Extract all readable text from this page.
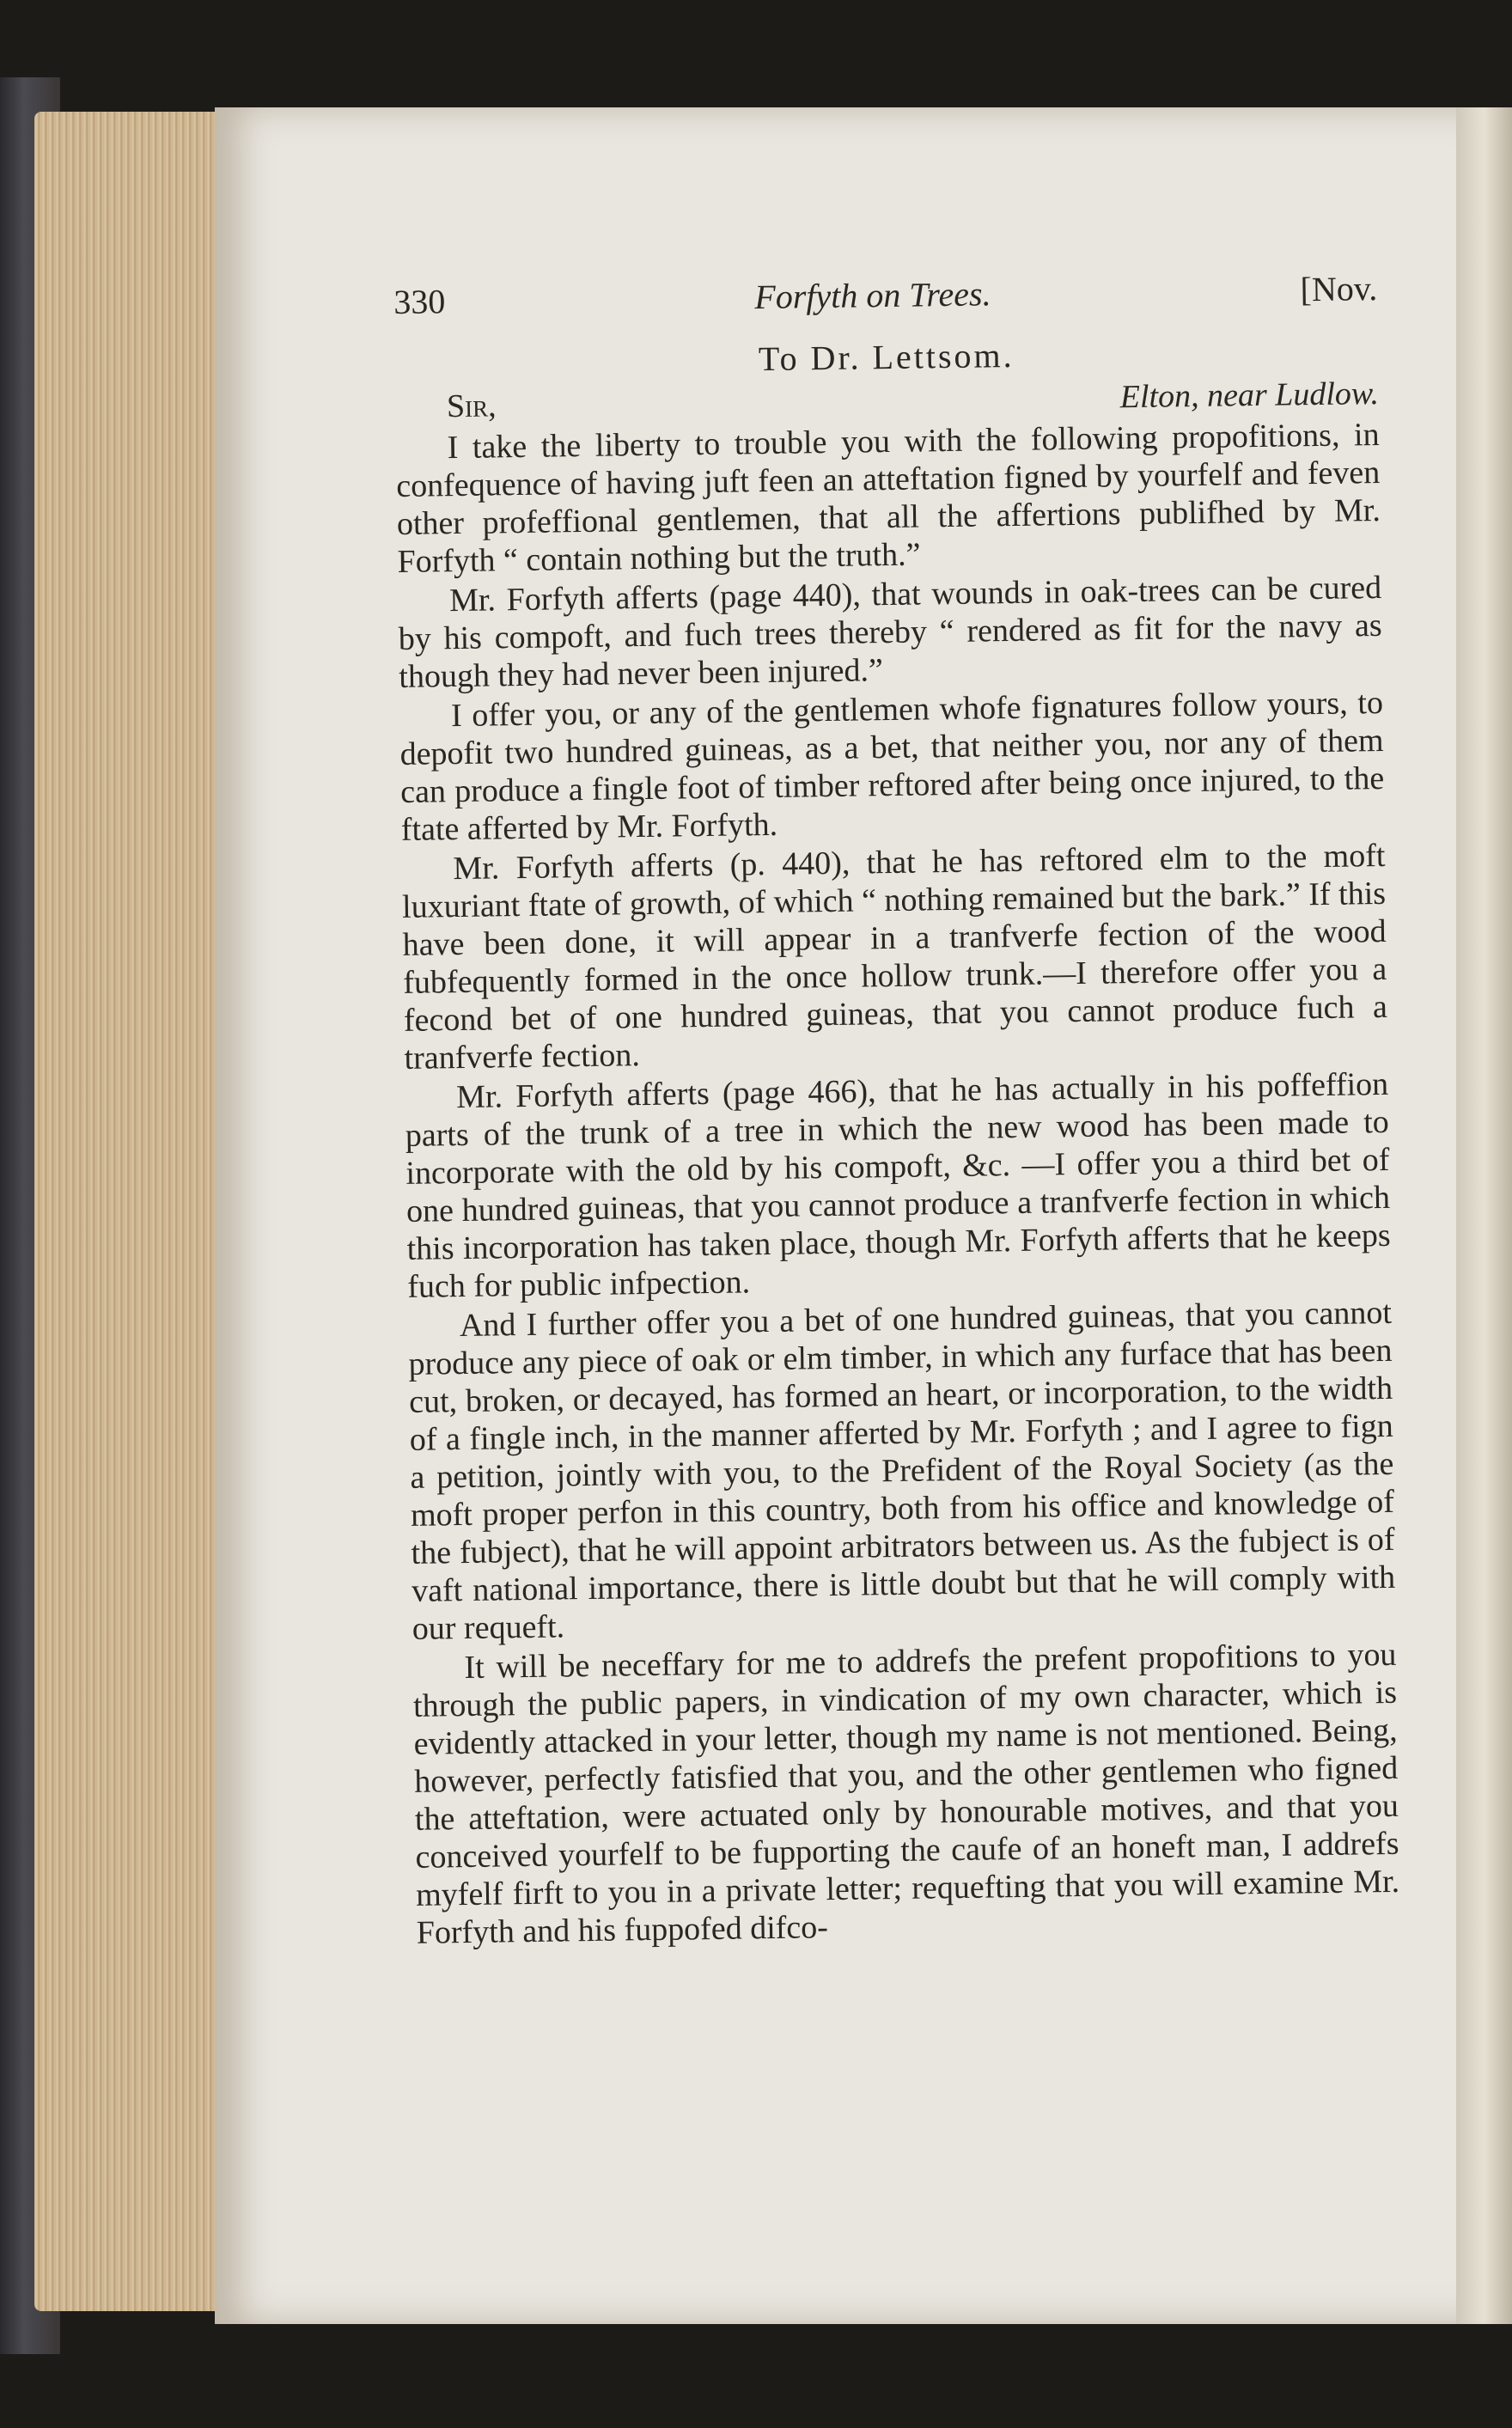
330	Forfyth on Trees.	[Nov.
To Dr. Lettsom.
Sir,	Elton, near Ludlow.

I take the liberty to trouble you with the following propofitions, in confequence of having juft feen an atteftation figned by yourfelf and feven other profeffional gentlemen, that all the affertions publifhed by Mr. Forfyth “ contain nothing but the truth.”

Mr. Forfyth afferts (page 440), that wounds in oak-trees can be cured by his compoft, and fuch trees thereby “ rendered as fit for the navy as though they had never been injured.”

I offer you, or any of the gentlemen whofe fignatures follow yours, to depofit two hundred guineas, as a bet, that neither you, nor any of them can produce a fingle foot of timber reftored after being once injured, to the ftate afferted by Mr. Forfyth.

Mr. Forfyth afferts (p. 440), that he has reftored elm to the moft luxuriant ftate of growth, of which “ nothing remained but the bark.” If this have been done, it will appear in a tranfverfe fection of the wood fubfequently formed in the once hollow trunk.—I therefore offer you a fecond bet of one hundred guineas, that you cannot produce fuch a tranfverfe fection.

Mr. Forfyth afferts (page 466), that he has actually in his poffeffion parts of the trunk of a tree in which the new wood has been made to incorporate with the old by his compoft, &c. —I offer you a third bet of one hundred guineas, that you cannot produce a tranfverfe fection in which this incorporation has taken place, though Mr. Forfyth afferts that he keeps fuch for public infpection.

And I further offer you a bet of one hundred guineas, that you cannot produce any piece of oak or elm timber, in which any furface that has been cut, broken, or decayed, has formed an heart, or incorporation, to the width of a fingle inch, in the manner afferted by Mr. Forfyth ; and I agree to fign a petition, jointly with you, to the Prefident of the Royal Society (as the moft proper perfon in this country, both from his office and knowledge of the fubject), that he will appoint arbitrators between us. As the fubject is of vaft national importance, there is little doubt but that he will comply with our requeft.

It will be neceffary for me to addrefs the prefent propofitions to you through the public papers, in vindication of my own character, which is evidently attacked in your letter, though my name is not mentioned. Being, however, perfectly fatisfied that you, and the other gentlemen who figned the atteftation, were actuated only by honourable motives, and that you conceived yourfelf to be fupporting the caufe of an honeft man, I addrefs myfelf firft to you in a private letter; requefting that you will examine Mr. Forfyth and his fuppofed difco-
